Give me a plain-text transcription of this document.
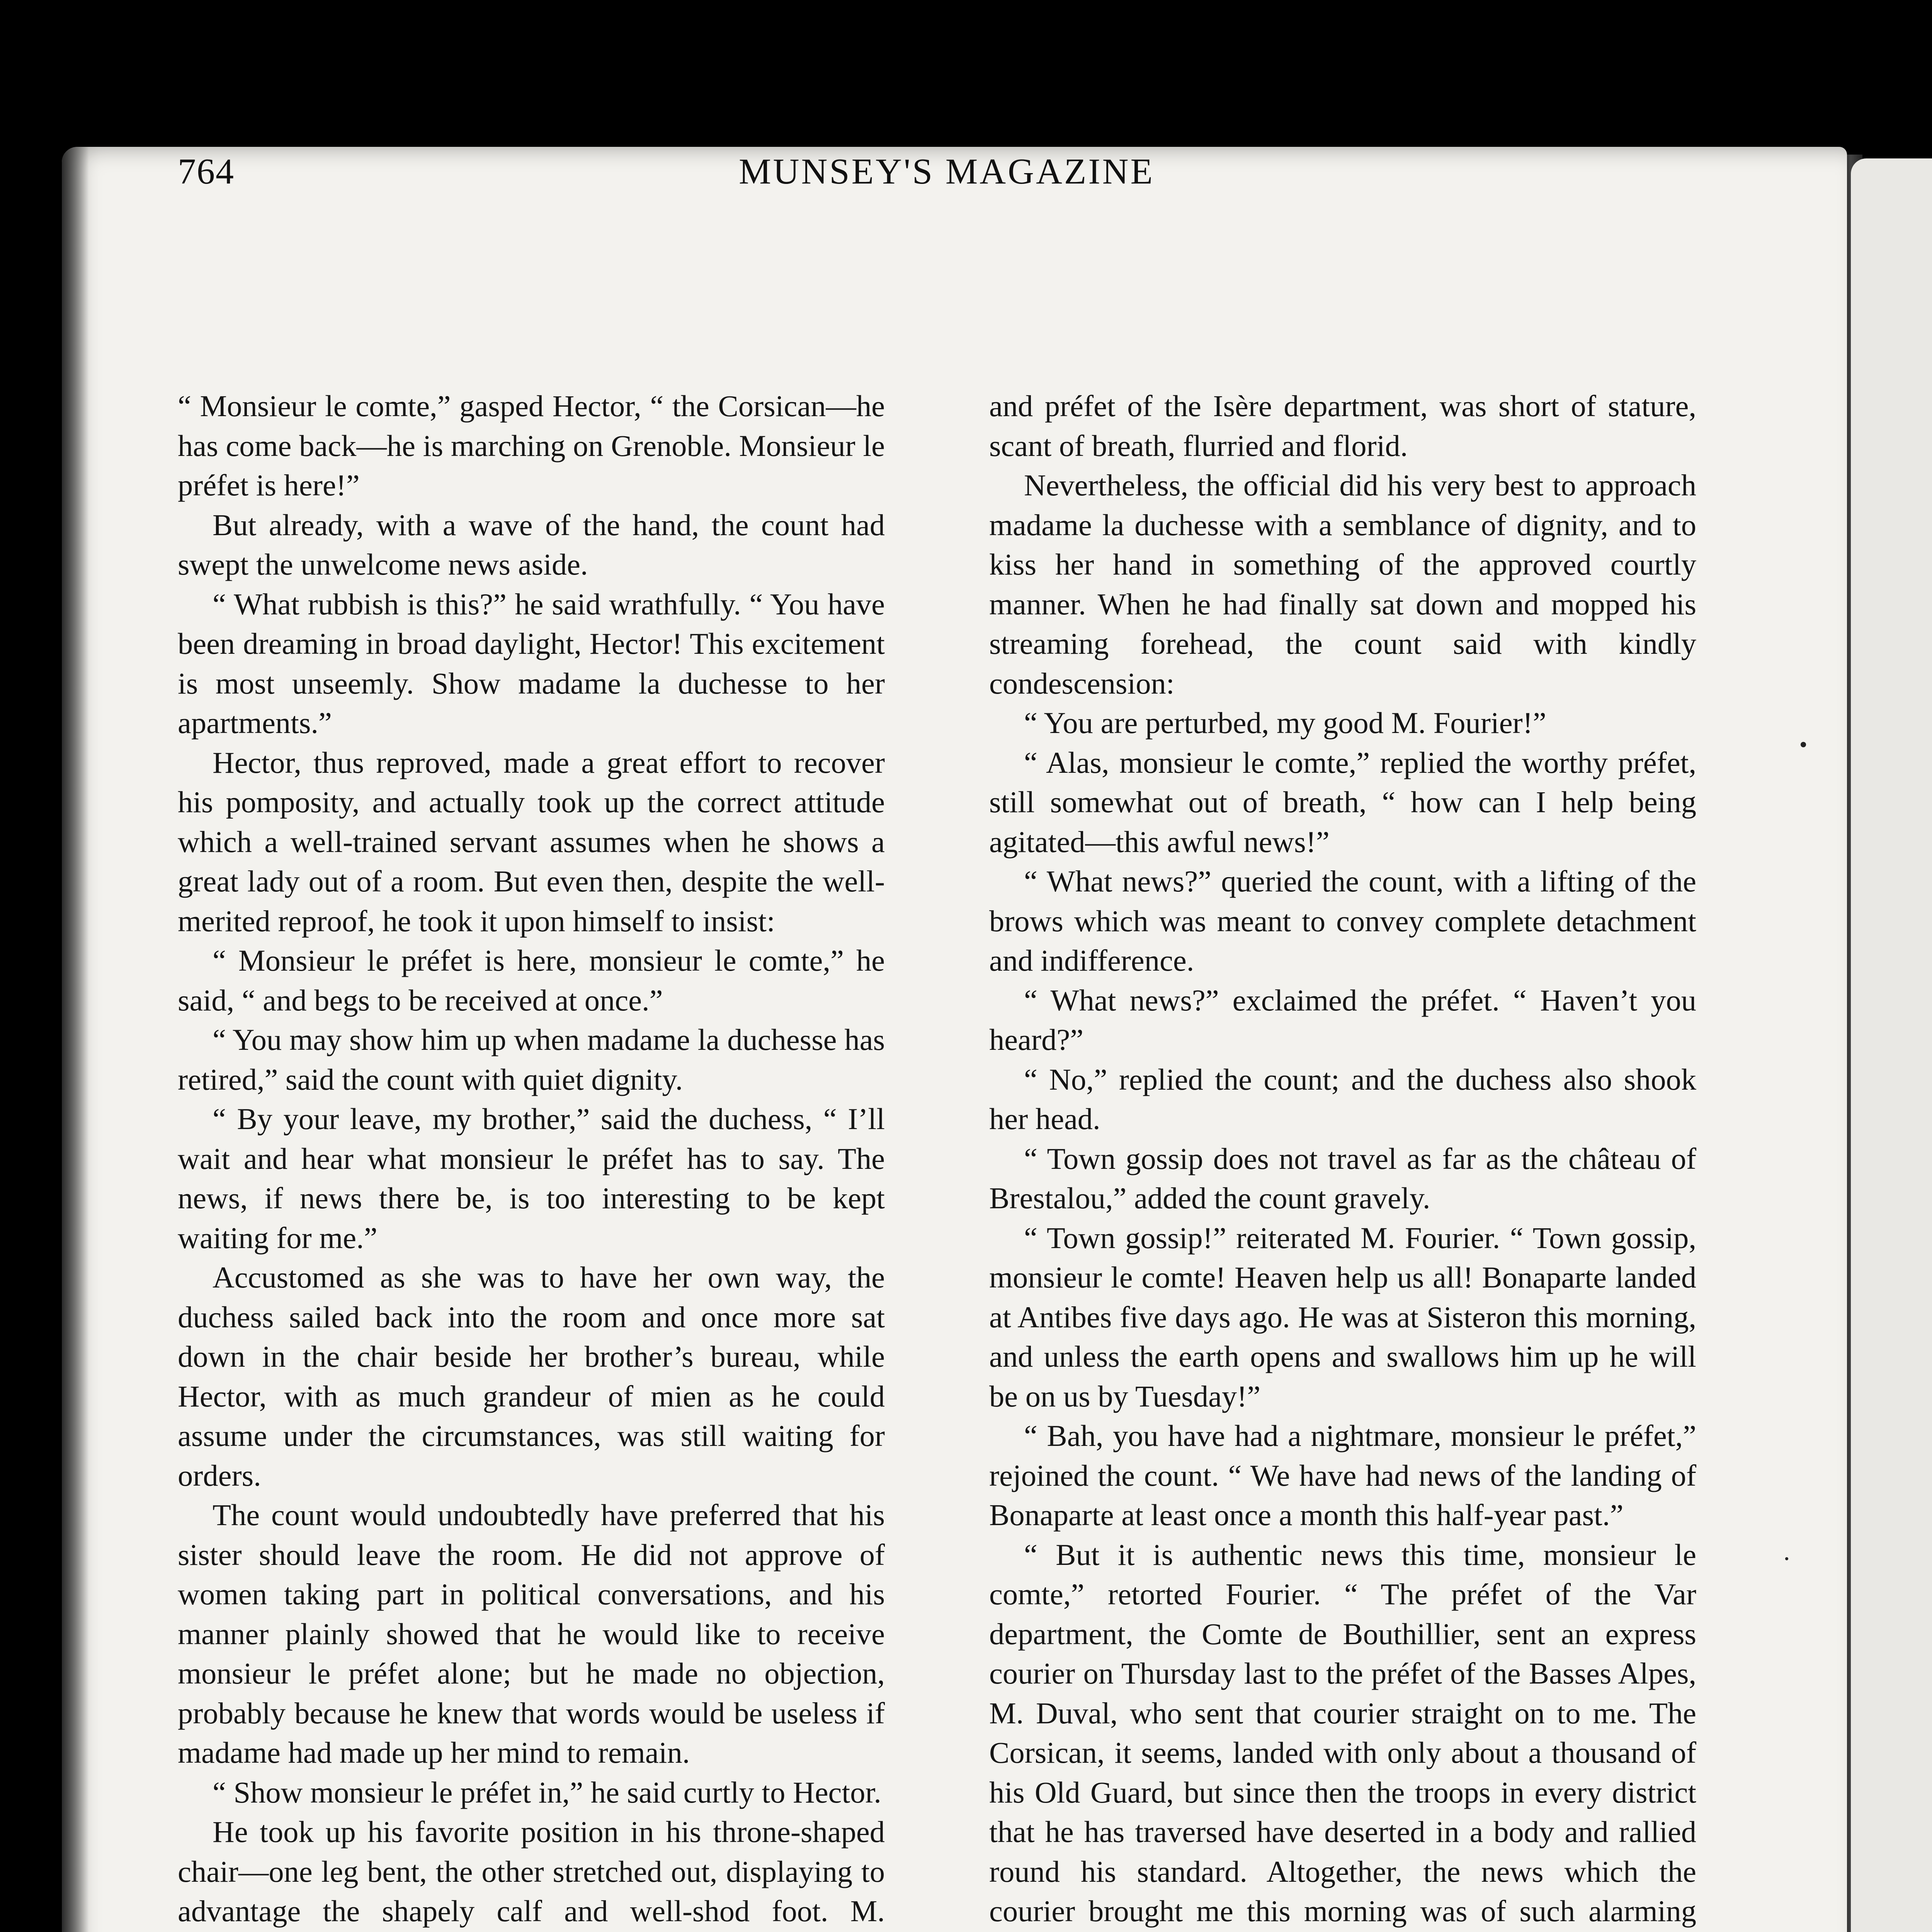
764	MUNSEY'S MAGAZINE

“ Monsieur le comte,” gasped Hector, “ the Corsican—he has come back—he is marching on Grenoble. Monsieur le préfet is here!”

But already, with a wave of the hand, the count had swept the unwelcome news aside.

“ What rubbish is this?” he said wrathfully. “ You have been dreaming in broad daylight, Hector! This excitement is most unseemly. Show madame la duchesse to her apartments.”

Hector, thus reproved, made a great effort to recover his pomposity, and actually took up the correct attitude which a well-trained servant assumes when he shows a great lady out of a room. But even then, despite the well-merited reproof, he took it upon himself to insist:

“ Monsieur le préfet is here, monsieur le comte,” he said, “ and begs to be received at once.”

“ You may show him up when madame la duchesse has retired,” said the count with quiet dignity.

“ By your leave, my brother,” said the duchess, “ I’ll wait and hear what monsieur le préfet has to say. The news, if news there be, is too interesting to be kept waiting for me.”

Accustomed as she was to have her own way, the duchess sailed back into the room and once more sat down in the chair beside her brother’s bureau, while Hector, with as much grandeur of mien as he could assume under the circumstances, was still waiting for orders.

The count would undoubtedly have preferred that his sister should leave the room. He did not approve of women taking part in political conversations, and his manner plainly showed that he would like to receive monsieur le préfet alone; but he made no objection, probably because he knew that words would be useless if madame had made up her mind to remain.

“ Show monsieur le préfet in,” he said curtly to Hector.

He took up his favorite position in his throne-shaped chair—one leg bent, the other stretched out, displaying to advantage the shapely calf and well-shod foot. M.

and préfet of the Isère department, was short of stature, scant of breath, flurried and florid.

Nevertheless, the official did his very best to approach madame la duchesse with a semblance of dignity, and to kiss her hand in something of the approved courtly manner. When he had finally sat down and mopped his streaming forehead, the count said with kindly condescension:

“ You are perturbed, my good M. Fourier!”

“ Alas, monsieur le comte,” replied the worthy préfet, still somewhat out of breath, “ how can I help being agitated—this awful news!”

“ What news?” queried the count, with a lifting of the brows which was meant to convey complete detachment and indifference.

“ What news?” exclaimed the préfet. “ Haven’t you heard?”

“ No,” replied the count; and the duchess also shook her head.

“ Town gossip does not travel as far as the château of Brestalou,” added the count gravely.

“ Town gossip!” reiterated M. Fourier. “ Town gossip, monsieur le comte! Heaven help us all! Bonaparte landed at Antibes five days ago. He was at Sisteron this morning, and unless the earth opens and swallows him up he will be on us by Tuesday!”

“ Bah, you have had a nightmare, monsieur le préfet,” rejoined the count. “ We have had news of the landing of Bonaparte at least once a month this half-year past.”

“ But it is authentic news this time, monsieur le comte,” retorted Fourier. “ The préfet of the Var department, the Comte de Bouthillier, sent an express courier on Thursday last to the préfet of the Basses Alpes, M. Duval, who sent that courier straight on to me. The Corsican, it seems, landed with only about a thousand of his Old Guard, but since then the troops in every district that he has traversed have deserted in a body and rallied round his standard. Altogether, the news which the courier brought me this morning was of such alarming
